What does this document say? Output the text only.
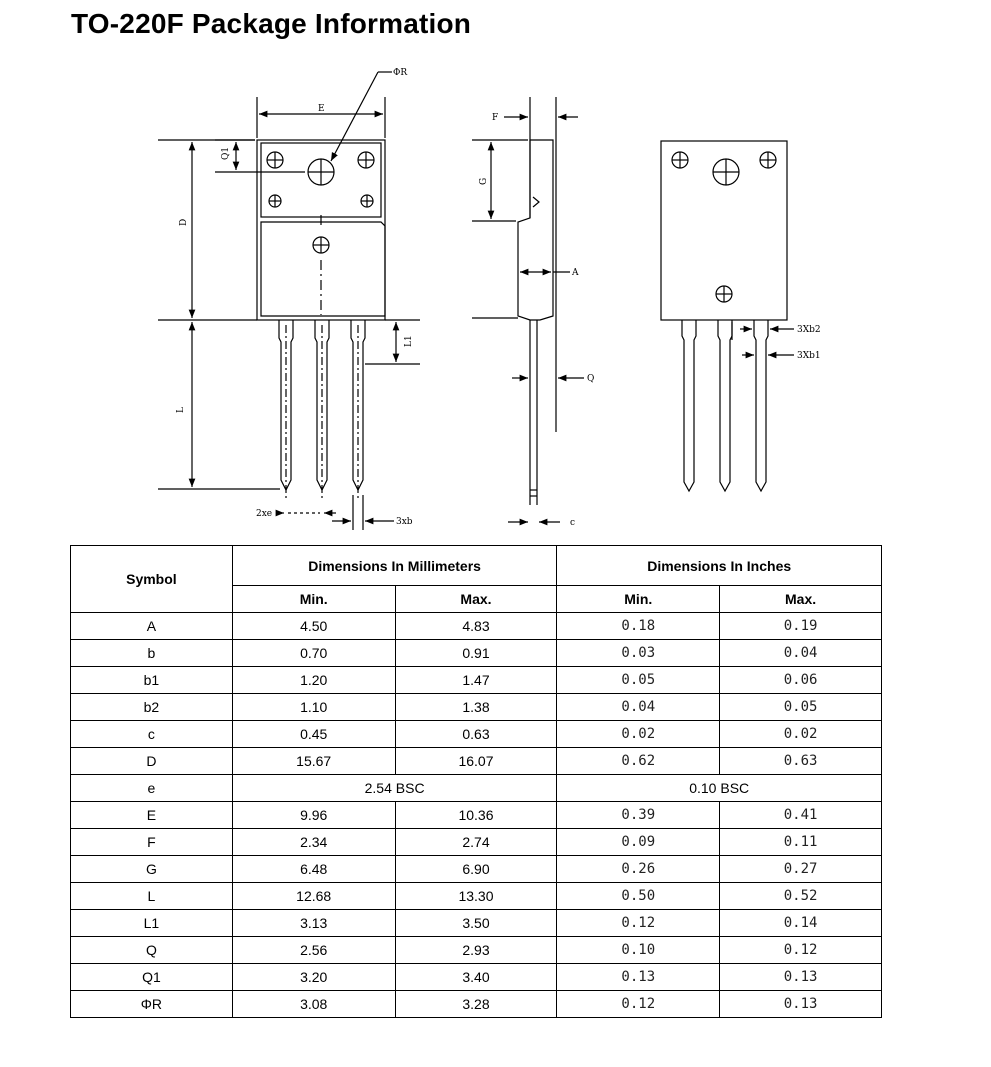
TO-220F Package Information
ΦR
E
Q1
D
L1
L
2xe
3xb
F
G
A
Q
c
3Xb2
3Xb1
Symbol	Dimensions In Millimeters		Dimensions In Inches	
	Min.	Max.	Min.	Max.
A	4.50	4.83	0.18	0.19
b	0.70	0.91	0.03	0.04
b1	1.20	1.47	0.05	0.06
b2	1.10	1.38	0.04	0.05
c	0.45	0.63	0.02	0.02
D	15.67	16.07	0.62	0.63
e	2.54 BSC		0.10 BSC	
E	9.96	10.36	0.39	0.41
F	2.34	2.74	0.09	0.11
G	6.48	6.90	0.26	0.27
L	12.68	13.30	0.50	0.52
L1	3.13	3.50	0.12	0.14
Q	2.56	2.93	0.10	0.12
Q1	3.20	3.40	0.13	0.13
ΦR	3.08	3.28	0.12	0.13
